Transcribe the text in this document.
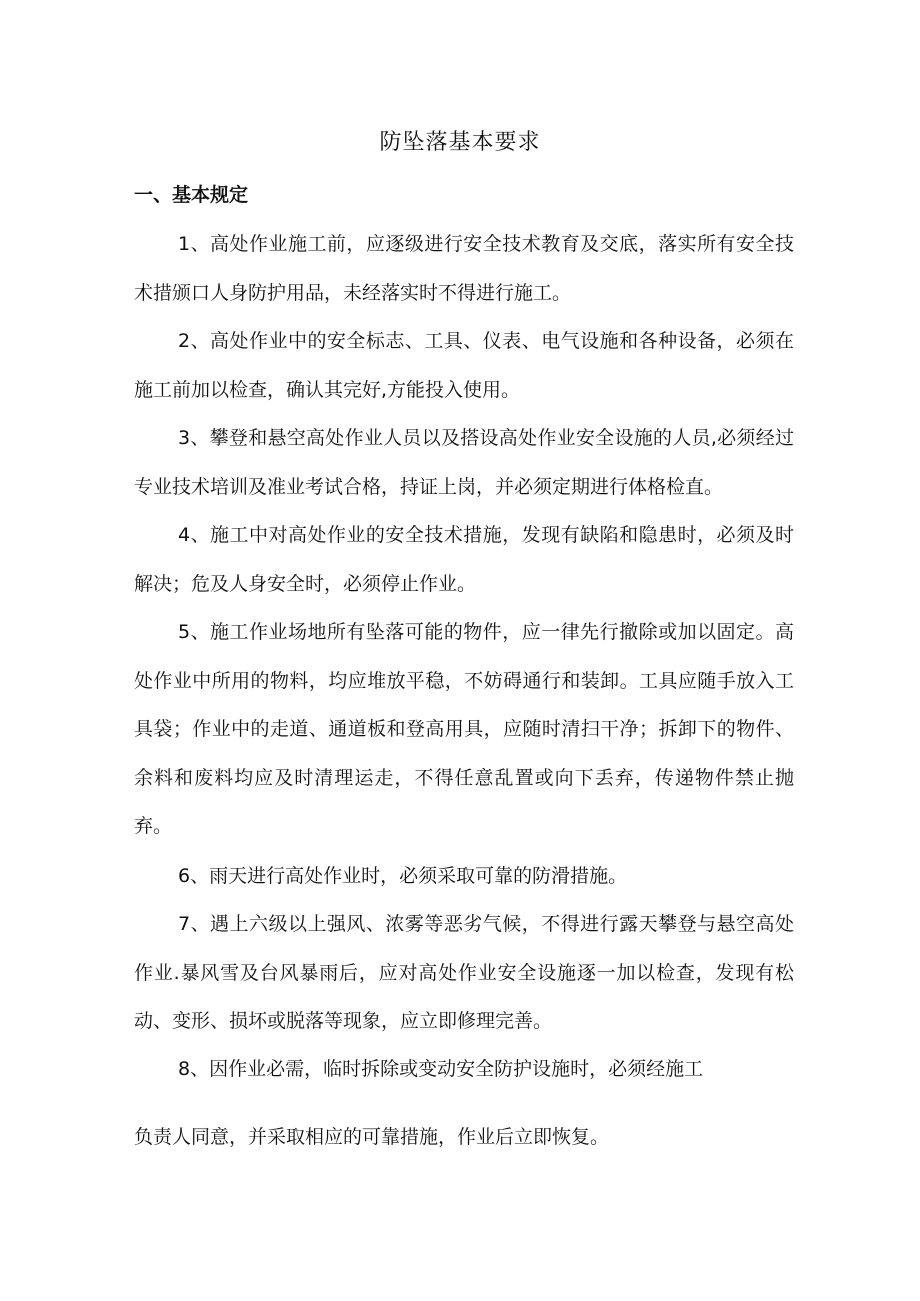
防坠落基本要求
一、基本规定

1、高处作业施工前，应逐级进行安全技术教育及交底，落实所有安全技术措颁口人身防护用品，未经落实时不得进行施工。

2、高处作业中的安全标志、工具、仪表、电气设施和各种设备，必须在施工前加以检查，确认其完好,方能投入使用。

3、攀登和悬空高处作业人员以及搭设高处作业安全设施的人员,必须经过专业技术培训及准业考试合格，持证上岗，并必须定期进行体格检直。

4、施工中对高处作业的安全技术措施，发现有缺陷和隐患时，必须及时解决；危及人身安全时，必须停止作业。

5、施工作业场地所有坠落可能的物件，应一律先行撤除或加以固定。高处作业中所用的物料，均应堆放平稳，不妨碍通行和装卸。工具应随手放入工具袋；作业中的走道、通道板和登高用具，应随时清扫干净；拆卸下的物件、余料和废料均应及时清理运走，不得任意乱置或向下丢弃，传递物件禁止抛弃。

6、雨天进行高处作业时，必须采取可靠的防滑措施。

7、遇上六级以上强风、浓雾等恶劣气候，不得进行露天攀登与悬空高处作业.暴风雪及台风暴雨后，应对高处作业安全设施逐一加以检查，发现有松动、变形、损坏或脱落等现象，应立即修理完善。

8、因作业必需，临时拆除或变动安全防护设施时，必须经施工

负责人同意，并采取相应的可靠措施，作业后立即恢复。
